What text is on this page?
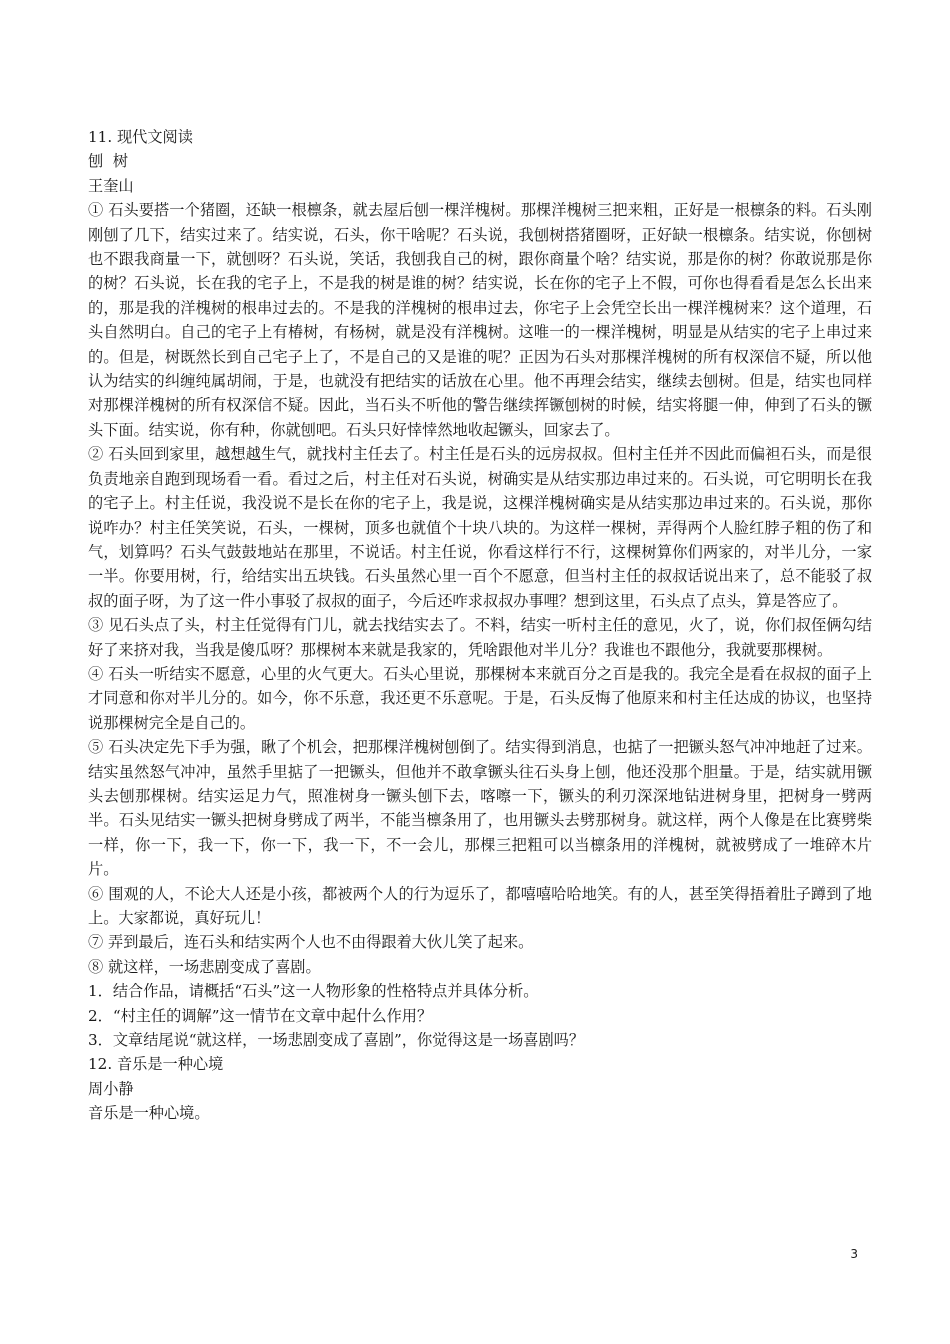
11. 现代文阅读

刨  树

王奎山

① 石头要搭一个猪圈，还缺一根檩条，就去屋后刨一棵洋槐树。那棵洋槐树三把来粗，正好是一根檩条的料。石头刚刚刨了几下，结实过来了。结实说，石头，你干啥呢？石头说，我刨树搭猪圈呀，正好缺一根檩条。结实说，你刨树也不跟我商量一下，就刨呀？石头说，笑话，我刨我自己的树，跟你商量个啥？结实说，那是你的树？你敢说那是你的树？石头说，长在我的宅子上，不是我的树是谁的树？结实说，长在你的宅子上不假，可你也得看看是怎么长出来的，那是我的洋槐树的根串过去的。不是我的洋槐树的根串过去，你宅子上会凭空长出一棵洋槐树来？这个道理，石头自然明白。自己的宅子上有椿树，有杨树，就是没有洋槐树。这唯一的一棵洋槐树，明显是从结实的宅子上串过来的。但是，树既然长到自己宅子上了，不是自己的又是谁的呢？正因为石头对那棵洋槐树的所有权深信不疑，所以他认为结实的纠缠纯属胡闹，于是，也就没有把结实的话放在心里。他不再理会结实，继续去刨树。但是，结实也同样对那棵洋槐树的所有权深信不疑。因此，当石头不听他的警告继续挥镢刨树的时候，结实将腿一伸，伸到了石头的镢头下面。结实说，你有种，你就刨吧。石头只好悻悻然地收起镢头，回家去了。

② 石头回到家里，越想越生气，就找村主任去了。村主任是石头的远房叔叔。但村主任并不因此而偏袒石头，而是很负责地亲自跑到现场看一看。看过之后，村主任对石头说，树确实是从结实那边串过来的。石头说，可它明明长在我的宅子上。村主任说，我没说不是长在你的宅子上，我是说，这棵洋槐树确实是从结实那边串过来的。石头说，那你说咋办？村主任笑笑说，石头，一棵树，顶多也就值个十块八块的。为这样一棵树，弄得两个人脸红脖子粗的伤了和气，划算吗？石头气鼓鼓地站在那里，不说话。村主任说，你看这样行不行，这棵树算你们两家的，对半儿分，一家一半。你要用树，行，给结实出五块钱。石头虽然心里一百个不愿意，但当村主任的叔叔话说出来了，总不能驳了叔叔的面子呀，为了这一件小事驳了叔叔的面子，今后还咋求叔叔办事哩？想到这里，石头点了点头，算是答应了。

③ 见石头点了头，村主任觉得有门儿，就去找结实去了。不料，结实一听村主任的意见，火了，说，你们叔侄俩勾结好了来挤对我，当我是傻瓜呀？那棵树本来就是我家的，凭啥跟他对半儿分？我谁也不跟他分，我就要那棵树。

④ 石头一听结实不愿意，心里的火气更大。石头心里说，那棵树本来就百分之百是我的。我完全是看在叔叔的面子上才同意和你对半儿分的。如今，你不乐意，我还更不乐意呢。于是，石头反悔了他原来和村主任达成的协议，也坚持说那棵树完全是自己的。

⑤ 石头决定先下手为强，瞅了个机会，把那棵洋槐树刨倒了。结实得到消息，也掂了一把镢头怒气冲冲地赶了过来。结实虽然怒气冲冲，虽然手里掂了一把镢头，但他并不敢拿镢头往石头身上刨，他还没那个胆量。于是，结实就用镢头去刨那棵树。结实运足力气，照准树身一镢头刨下去，喀嚓一下，镢头的利刃深深地钻进树身里，把树身一劈两半。石头见结实一镢头把树身劈成了两半，不能当檩条用了，也用镢头去劈那树身。就这样，两个人像是在比赛劈柴一样，你一下，我一下，你一下，我一下，不一会儿，那棵三把粗可以当檩条用的洋槐树，就被劈成了一堆碎木片片。

⑥ 围观的人，不论大人还是小孩，都被两个人的行为逗乐了，都嘻嘻哈哈地笑。有的人，甚至笑得捂着肚子蹲到了地上。大家都说，真好玩儿！

⑦ 弄到最后，连石头和结实两个人也不由得跟着大伙儿笑了起来。

⑧ 就这样，一场悲剧变成了喜剧。

1．结合作品，请概括“石头”这一人物形象的性格特点并具体分析。

2．“村主任的调解”这一情节在文章中起什么作用？

3．文章结尾说“就这样，一场悲剧变成了喜剧”，你觉得这是一场喜剧吗？

12. 音乐是一种心境

周小静

音乐是一种心境。

3
